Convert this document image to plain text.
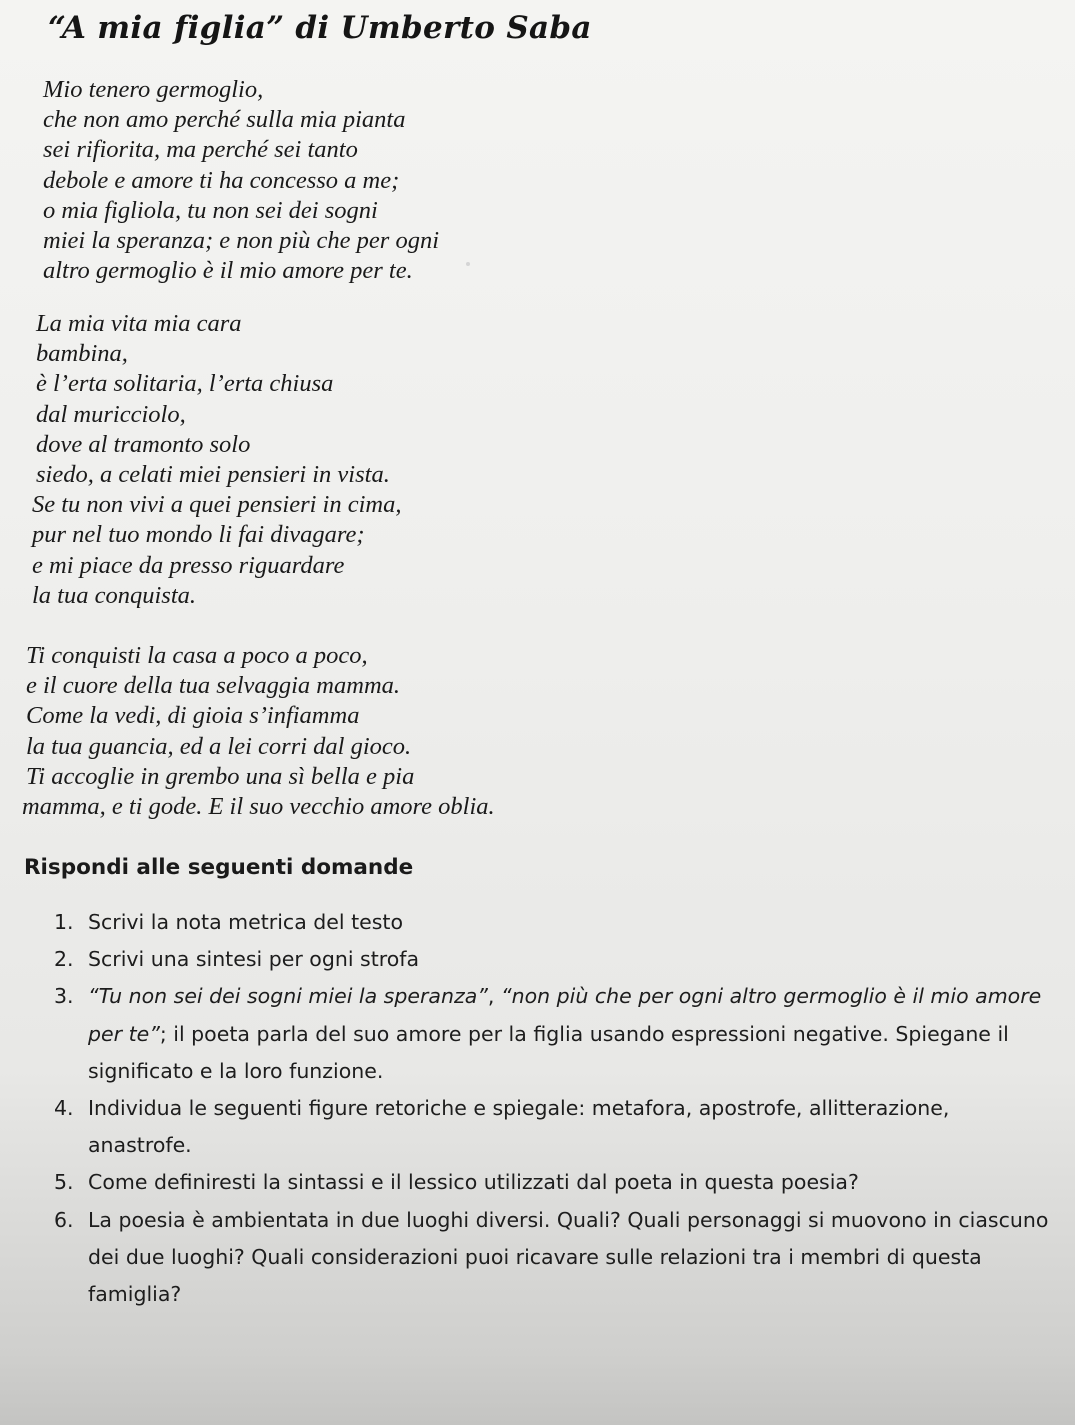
“A mia figlia” di Umberto Saba
Mio tenero germoglio,
che non amo perché sulla mia pianta
sei rifiorita, ma perché sei tanto
debole e amore ti ha concesso a me;
o mia figliola, tu non sei dei sogni
miei la speranza; e non più che per ogni
altro germoglio è il mio amore per te.
La mia vita mia cara
bambina,
è l’erta solitaria, l’erta chiusa
dal muricciolo,
dove al tramonto solo
siedo, a celati miei pensieri in vista.
Se tu non vivi a quei pensieri in cima,
pur nel tuo mondo li fai divagare;
e mi piace da presso riguardare
la tua conquista.
Ti conquisti la casa a poco a poco,
e il cuore della tua selvaggia mamma.
Come la vedi, di gioia s’infiamma
la tua guancia, ed a lei corri dal gioco.
Ti accoglie in grembo una sì bella e pia
mamma, e ti gode. E il suo vecchio amore oblia.
Rispondi alle seguenti domande
1. Scrivi la nota metrica del testo
2. Scrivi una sintesi per ogni strofa
3. “Tu non sei dei sogni miei la speranza”, “non più che per ogni altro germoglio è il mio amore per te”; il poeta parla del suo amore per la figlia usando espressioni negative. Spiegane il significato e la loro funzione.
4. Individua le seguenti figure retoriche e spiegale: metafora, apostrofe, allitterazione, anastrofe.
5. Come definiresti la sintassi e il lessico utilizzati dal poeta in questa poesia?
6. La poesia è ambientata in due luoghi diversi. Quali? Quali personaggi si muovono in ciascuno dei due luoghi? Quali considerazioni puoi ricavare sulle relazioni tra i membri di questa famiglia?
